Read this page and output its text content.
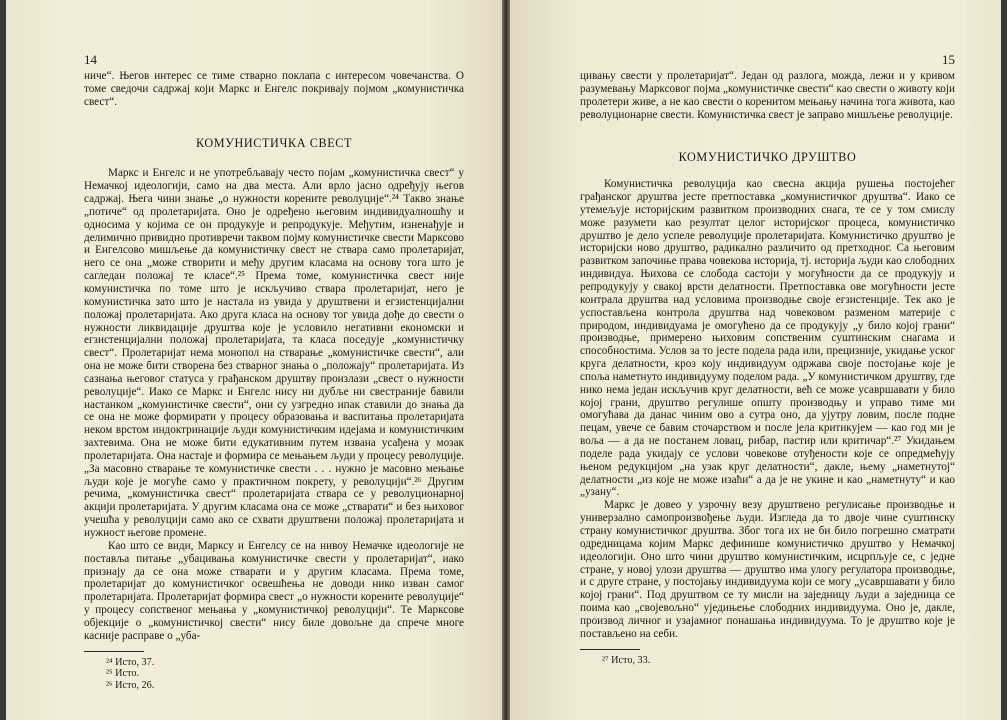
14

ниче“. Његов интерес се тиме стварно поклапа с интересом човечанства. О томе сведочи садржај који Маркс и Енгелс покривају појмом „комунистичка свест“.

КОМУНИСТИЧКА СВЕСТ

Маркс и Енгелс и не употребљавају често појам „комунистичка свест“ у Немачкој идеологији, само на два места. Али врло јасно одређују његов садржај. Њега чини знање „о нужности корените револуције“.²⁴ Такво знање „потиче“ од пролетаријата. Оно је одређено његовим индивидуалношћу и односима у којима се он продукује и репродукује. Међутим, изненађује и делимично привидно противречи таквом појму комунистичке свести Марксово и Енгелсово мишљење да комунистичку свест не ствара само пролетаријат, него се она „може створити и међу другим класама на основу тога што је сагледан положај те класе“.²⁵ Према томе, комунистичка свест није комунистичка по томе што је искључиво ствара пролетаријат, него је комунистичка зато што је настала из увида у друштвени и егзистенцијални положај пролетаријата. Ако друга класа на основу тог увида дође до свести о нужности ликвидације друштва које је условило негативни економски и егзистенцијални положај пролетаријата, та класа поседује „комунистичку свест“. Пролетаријат нема монопол на стварање „комунистичке свести“, али она не може бити створена без стварног знања о „положају“ пролетаријата. Из сазнања његовог статуса у грађанском друштву произлази „свест о нужности револуције“. Иако се Маркс и Енгелс нису ни дубље ни свестраније бавили настанком „комунистичке свести“, они су узгредно ипак ставили до знања да се она не може формирати у процесу образовања и васпитања пролетаријата неком врстом индоктринације људи комунистичким идејама и комунистичким захтевима. Она не може бити едукативним путем извана усађена у мозак пролетаријата. Она настаје и формира се мењањем људи у процесу револуције. „За масовно стварање те комунистичке свести . . . нужно је масовно мењање људи које је могуће само у практичном покрету, у револуцији“.²⁶ Другим речима, „комунистичка свест“ пролетаријата ствара се у револуционарној акцији пролетаријата. У другим класама она се може „стварати“ и без њиховог учешћа у револуцији само ако се схвати друштвени положај пролетаријата и нужност његове промене.

Као што се види, Марксу и Енгелсу се на нивоу Немачке идеологије не поставља питање „убацивања комунистичке свести у пролетаријат“, иако признају да се она може стварати и у другим класама. Према томе, пролетаријат до комунистичког освешћења не доводи нико изван самог пролетаријата. Пролетаријат формира свест „о нужности корените револуције“ у процесу сопственог мењања у „комунистичкој револуцији“. Те Марксове објекције о „комунистичкој свести“ нису биле довољне да спрече многе касније расправе о „уба-

²⁴ Исто, 37.
²⁵ Исто.
²⁶ Исто, 26.
15

цивању свести у пролетаријат“. Један од разлога, можда, лежи и у кривом разумевању Марксовог појма „комунистичке свести“ као свести о животу који пролетери живе, а не као свести о коренитом мењању начина тога живота, као револуционарне свести. Комунистичка свест је заправо мишљење револуције.

КОМУНИСТИЧКО ДРУШТВО

Комунистичка револуција као свесна акција рушења постојећег грађанског друштва јесте претпоставка „комунистичког друштва“. Иако се утемељује историјским развитком производних снага, те се у том смислу може разумети као резултат целог историјског процеса, комунистичко друштво је дело успеле револуције пролетаријата. Комунистичко друштво је историјски ново друштво, радикално различито од претходног. Са његовим развитком започиње права човекова историја, тј. историја људи као слободних индивидуа. Њихова се слобода састоји у могућности да се продукују и репродукују у свакој врсти делатности. Претпоставка ове могућности јесте контрала друштва над условима производње своје егзистенције. Тек ако је успостављена контрола друштва над човековом разменом материје с природом, индивидуама је омогућено да се продукују „у било којој грани“ производње, примерено њиховим сопственим суштинским снагама и способностима. Услов за то јесте подела рада или, прецизније, укидање уског круга делатности, кроз коју индивидуум одржава своје постојање које је споља наметнуто индивидууму поделом рада. „У комунистичком друштву, где нико нема један искључив круг делатности, већ се може усавршавати у било којој грани, друштво регулише општу производњу и управо тиме ми омогућава да данас чиним ово а сутра оно, да ујутру ловим, после подне пецам, увече се бавим сточарством и после јела критикујем — као год ми је воља — а да не постанем ловац, рибар, пастир или критичар“.²⁷ Укидањем поделе рада укидају се услови човекове отуђености које се опредмећују њеном редукцијом „на узак круг делатности“, дакле, њему „наметнутој“ делатности „из које не може изаћи“ а да је не укине и као „наметнуту“ и као „узану“.

Маркс је довео у узрочну везу друштвено регулисање производње и универзално самопроизвођење људи. Изгледа да то двоје чине суштинску страну комунистичког друштва. Због тога их не би било погрешно сматрати одредницама којим Маркс дефинише комунистичко друштво у Немачкој идеологији. Оно што чини друштво комунистичким, исцрпљује се, с једне стране, у новој улози друштва — друштво има улогу регулатора производње, и с друге стране, у постојању индивидуума који се могу „усавршавати у било којој грани“. Под друштвом се ту мисли на заједницу људи а заједница се поима као „својевољно“ уједињење слободних индивидуума. Оно је, дакле, производ личног и узајамног понашања индивидуума. То је друштво које је постављено на себи.

²⁷ Исто, 33.
